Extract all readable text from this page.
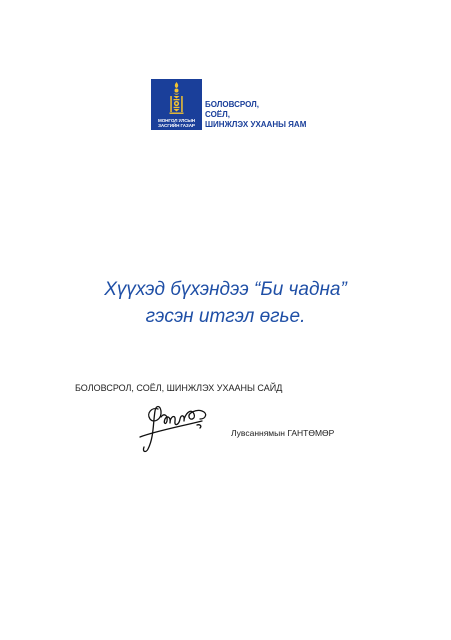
МОНГОЛ УЛСЫН
ЗАСГИЙН ГАЗАР
БОЛОВСРОЛ,
СОЁЛ,
ШИНЖЛЭХ УХААНЫ ЯАМ
Хүүхэд бүхэндээ “Би чадна”
гэсэн итгэл өгье.
БОЛОВСРОЛ, СОЁЛ, ШИНЖЛЭХ УХААНЫ САЙД
Лувсаннямын ГАНТӨМӨР
